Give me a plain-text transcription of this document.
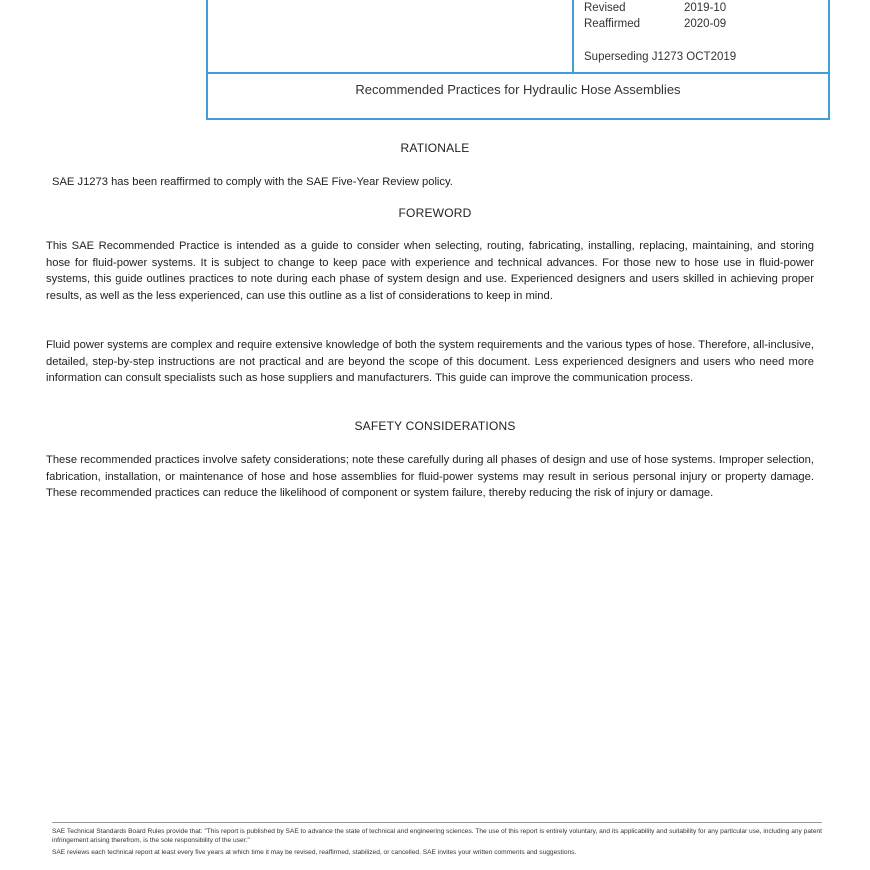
Revised	2019-10
Reaffirmed	2020-09
Superseding J1273 OCT2019
Recommended Practices for Hydraulic Hose Assemblies
RATIONALE
SAE J1273 has been reaffirmed to comply with the SAE Five-Year Review policy.
FOREWORD
This SAE Recommended Practice is intended as a guide to consider when selecting, routing, fabricating, installing, replacing, maintaining, and storing hose for fluid-power systems. It is subject to change to keep pace with experience and technical advances. For those new to hose use in fluid-power systems, this guide outlines practices to note during each phase of system design and use. Experienced designers and users skilled in achieving proper results, as well as the less experienced, can use this outline as a list of considerations to keep in mind.
Fluid power systems are complex and require extensive knowledge of both the system requirements and the various types of hose. Therefore, all-inclusive, detailed, step-by-step instructions are not practical and are beyond the scope of this document. Less experienced designers and users who need more information can consult specialists such as hose suppliers and manufacturers. This guide can improve the communication process.
SAFETY CONSIDERATIONS
These recommended practices involve safety considerations; note these carefully during all phases of design and use of hose systems. Improper selection, fabrication, installation, or maintenance of hose and hose assemblies for fluid-power systems may result in serious personal injury or property damage. These recommended practices can reduce the likelihood of component or system failure, thereby reducing the risk of injury or damage.

SAE Technical Standards Board Rules provide that: "This report is published by SAE to advance the state of technical and engineering sciences. The use of this report is entirely voluntary, and its applicability and suitability for any particular use, including any patent infringement arising therefrom, is the sole responsibility of the user."

SAE reviews each technical report at least every five years at which time it may be revised, reaffirmed, stabilized, or cancelled. SAE invites your written comments and suggestions.
